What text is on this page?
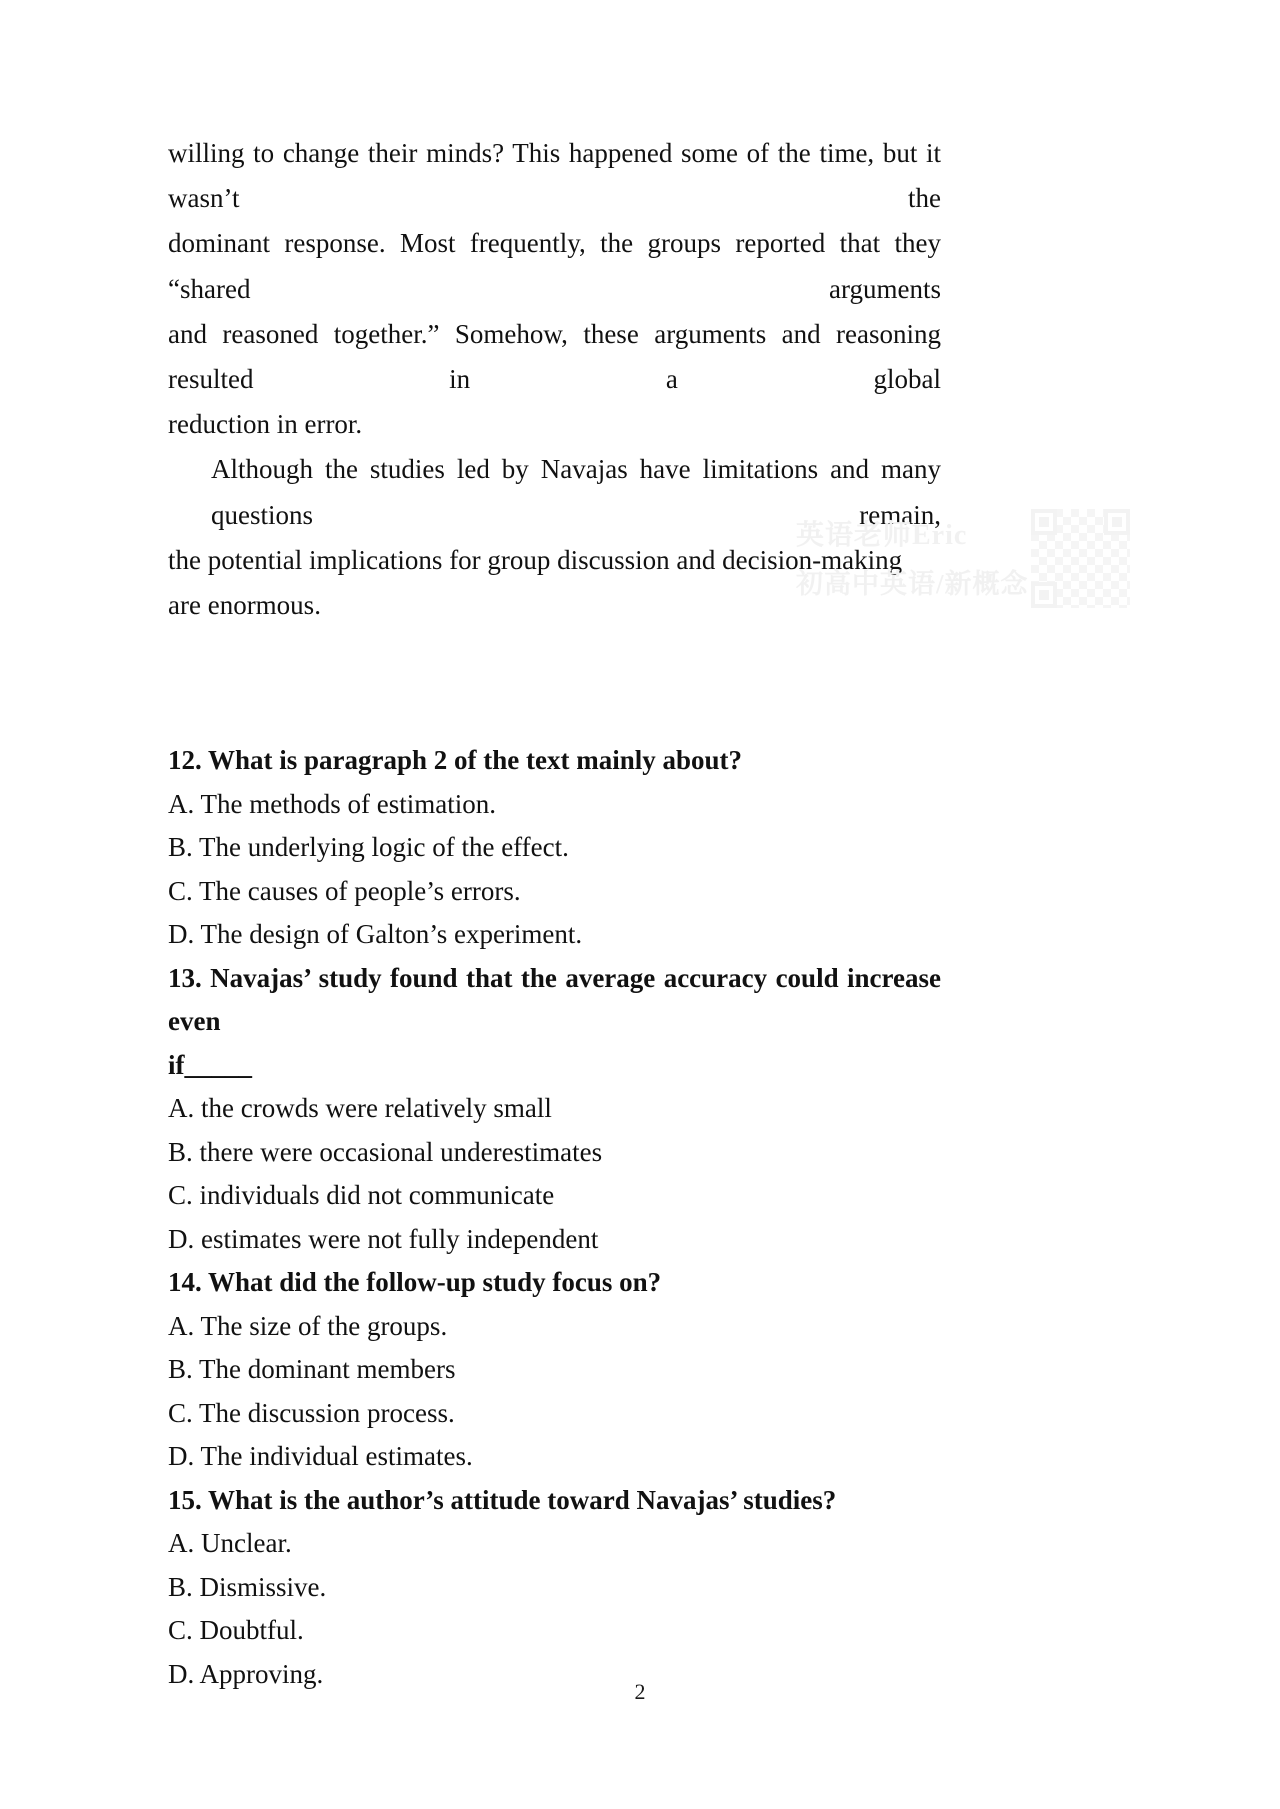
willing to change their minds? This happened some of the time, but it wasn’t the
dominant response. Most frequently, the groups reported that they “shared arguments
and reasoned together.” Somehow, these arguments and reasoning resulted in a global
reduction in error.
Although the studies led by Navajas have limitations and many questions remain,
the potential implications for group discussion and decision-making are enormous.
12. What is paragraph 2 of the text mainly about?
A. The methods of estimation.
B. The underlying logic of the effect.
C. The causes of people’s errors.
D. The design of Galton’s experiment.
13. Navajas’ study found that the average accuracy could increase even
if_____
A. the crowds were relatively small
B. there were occasional underestimates
C. individuals did not communicate
D. estimates were not fully independent
14. What did the follow-up study focus on?
A. The size of the groups.
B. The dominant members
C. The discussion process.
D. The individual estimates.
15. What is the author’s attitude toward Navajas’ studies?
A. Unclear.
B. Dismissive.
C. Doubtful.
D. Approving.
英语老师Eric
初高中英语/新概念
2
